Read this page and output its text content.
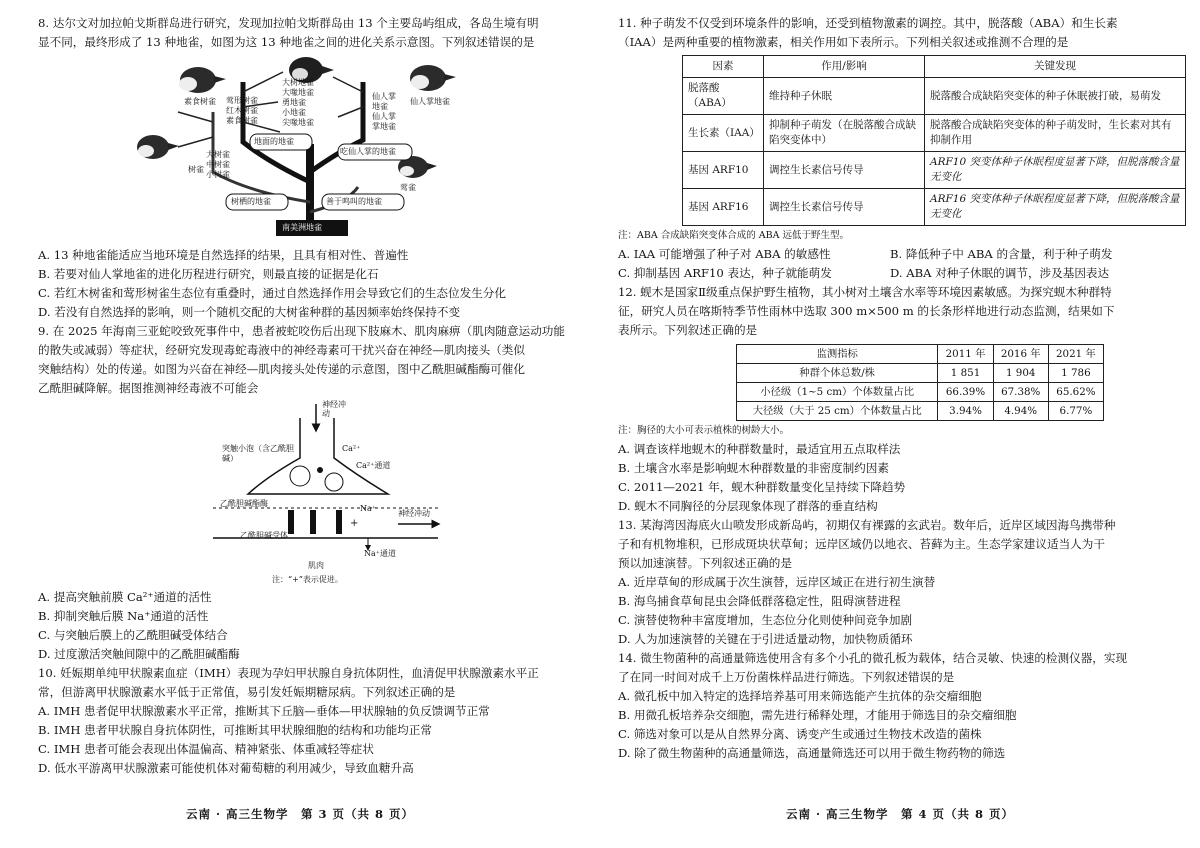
8. 达尔文对加拉帕戈斯群岛进行研究，发现加拉帕戈斯群岛由 13 个主要岛屿组成，各岛生境有明

显不同，最终形成了 13 种地雀，如图为这 13 种地雀之间的进化关系示意图。下列叙述错误的是

素食树雀
树雀
仙人掌地雀
莺雀
莺形树雀
红木树雀
素食树雀
大树地雀
大喙地雀
勇地雀
小地雀
尖喙地雀
仙人掌
地雀
仙人掌
掌地雀
大树雀
中树雀
小树雀
地面的地雀
吃仙人掌的地雀
树栖的地雀	善于鸣叫的地雀
南美洲地雀

A. 13 种地雀能适应当地环境是自然选择的结果，且具有相对性、普遍性

B. 若要对仙人掌地雀的进化历程进行研究，则最直接的证据是化石

C. 若红木树雀和莺形树雀生态位有重叠时，通过自然选择作用会导致它们的生态位发生分化

D. 若没有自然选择的影响，则一个随机交配的大树雀种群的基因频率始终保持不变

9. 在 2025 年海南三亚蛇咬致死事件中，患者被蛇咬伤后出现下肢麻木、肌肉麻痹（肌肉随意运动功能

的散失或减弱）等症状，经研究发现毒蛇毒液中的神经毒素可干扰兴奋在神经—肌肉接头（类似

突触结构）处的传递。如图为兴奋在神经—肌肉接头处传递的示意图，图中乙酰胆碱酯酶可催化

乙酰胆碱降解。据图推测神经毒液不可能会

神经冲动
突触小泡（含乙酰胆碱）
Ca²⁺
Ca²⁺通道
乙酰胆碱酯酶
Na⁺
神经冲动
乙酰胆碱受体
Na⁺通道
+
肌肉
注：“+”表示促进。

A. 提高突触前膜 Ca²⁺通道的活性

B. 抑制突触后膜 Na⁺通道的活性

C. 与突触后膜上的乙酰胆碱受体结合

D. 过度激活突触间隙中的乙酰胆碱酯酶

10. 妊娠期单纯甲状腺素血症（IMH）表现为孕妇甲状腺自身抗体阴性，血清促甲状腺激素水平正

常，但游离甲状腺激素水平低于正常值，易引发妊娠期糖尿病。下列叙述正确的是

A. IMH 患者促甲状腺激素水平正常，推断其下丘脑—垂体—甲状腺轴的负反馈调节正常

B. IMH 患者甲状腺自身抗体阴性，可推断其甲状腺细胞的结构和功能均正常

C. IMH 患者可能会表现出体温偏高、精神紧张、体重减轻等症状

D. 低水平游离甲状腺激素可能使机体对葡萄糖的利用减少，导致血糖升高

云南 · 高三生物学　第 3 页（共 8 页）

11. 种子萌发不仅受到环境条件的影响，还受到植物激素的调控。其中，脱落酸（ABA）和生长素

（IAA）是两种重要的植物激素，相关作用如下表所示。下列相关叙述或推测不合理的是

因素	作用/影响	关键发现
脱落酸（ABA）	维持种子休眠	脱落酸合成缺陷突变体的种子休眠被打破，易萌发
生长素（IAA）	抑制种子萌发（在脱落酸合成缺陷突变体中）	脱落酸合成缺陷突变体的种子萌发时，生长素对其有抑制作用
基因 ARF10	调控生长素信号传导	ARF10 突变体种子休眠程度显著下降，但脱落酸含量无变化
基因 ARF16	调控生长素信号传导	ARF16 突变体种子休眠程度显著下降，但脱落酸含量无变化

注：ABA 合成缺陷突变体合成的 ABA 远低于野生型。

A. IAA 可能增强了种子对 ABA 的敏感性	B. 降低种子中 ABA 的含量，利于种子萌发
C. 抑制基因 ARF10 表达，种子就能萌发	D. ABA 对种子休眠的调节，涉及基因表达

12. 蚬木是国家Ⅱ级重点保护野生植物，其小树对土壤含水率等环境因素敏感。为探究蚬木种群特

征，研究人员在喀斯特季节性雨林中选取 300 m×500 m 的长条形样地进行动态监测，结果如下

表所示。下列叙述正确的是

监测指标	2011 年	2016 年	2021 年
种群个体总数/株	1 851	1 904	1 786
小径级（1~5 cm）个体数量占比	66.39%	67.38%	65.62%
大径级（大于 25 cm）个体数量占比	3.94%	4.94%	6.77%

注：胸径的大小可表示植株的树龄大小。

A. 调查该样地蚬木的种群数量时，最适宜用五点取样法

B. 土壤含水率是影响蚬木种群数量的非密度制约因素

C. 2011—2021 年，蚬木种群数量变化呈持续下降趋势

D. 蚬木不同胸径的分层现象体现了群落的垂直结构

13. 某海湾因海底火山喷发形成新岛屿，初期仅有裸露的玄武岩。数年后，近岸区域因海鸟携带种

子和有机物堆积，已形成斑块状草甸；远岸区域仍以地衣、苔藓为主。生态学家建议适当人为干

预以加速演替。下列叙述正确的是

A. 近岸草甸的形成属于次生演替，远岸区域正在进行初生演替

B. 海鸟捕食草甸昆虫会降低群落稳定性，阻碍演替进程

C. 演替使物种丰富度增加，生态位分化则使种间竞争加剧

D. 人为加速演替的关键在于引进适量动物，加快物质循环

14. 微生物菌种的高通量筛选使用含有多个小孔的微孔板为载体，结合灵敏、快速的检测仪器，实现

了在同一时间对成千上万份菌株样品进行筛选。下列叙述错误的是

A. 微孔板中加入特定的选择培养基可用来筛选能产生抗体的杂交瘤细胞

B. 用微孔板培养杂交细胞，需先进行稀释处理，才能用于筛选目的杂交瘤细胞

C. 筛选对象可以是从自然界分离、诱变产生或通过生物技术改造的菌株

D. 除了微生物菌种的高通量筛选，高通量筛选还可以用于微生物药物的筛选

云南 · 高三生物学　第 4 页（共 8 页）
